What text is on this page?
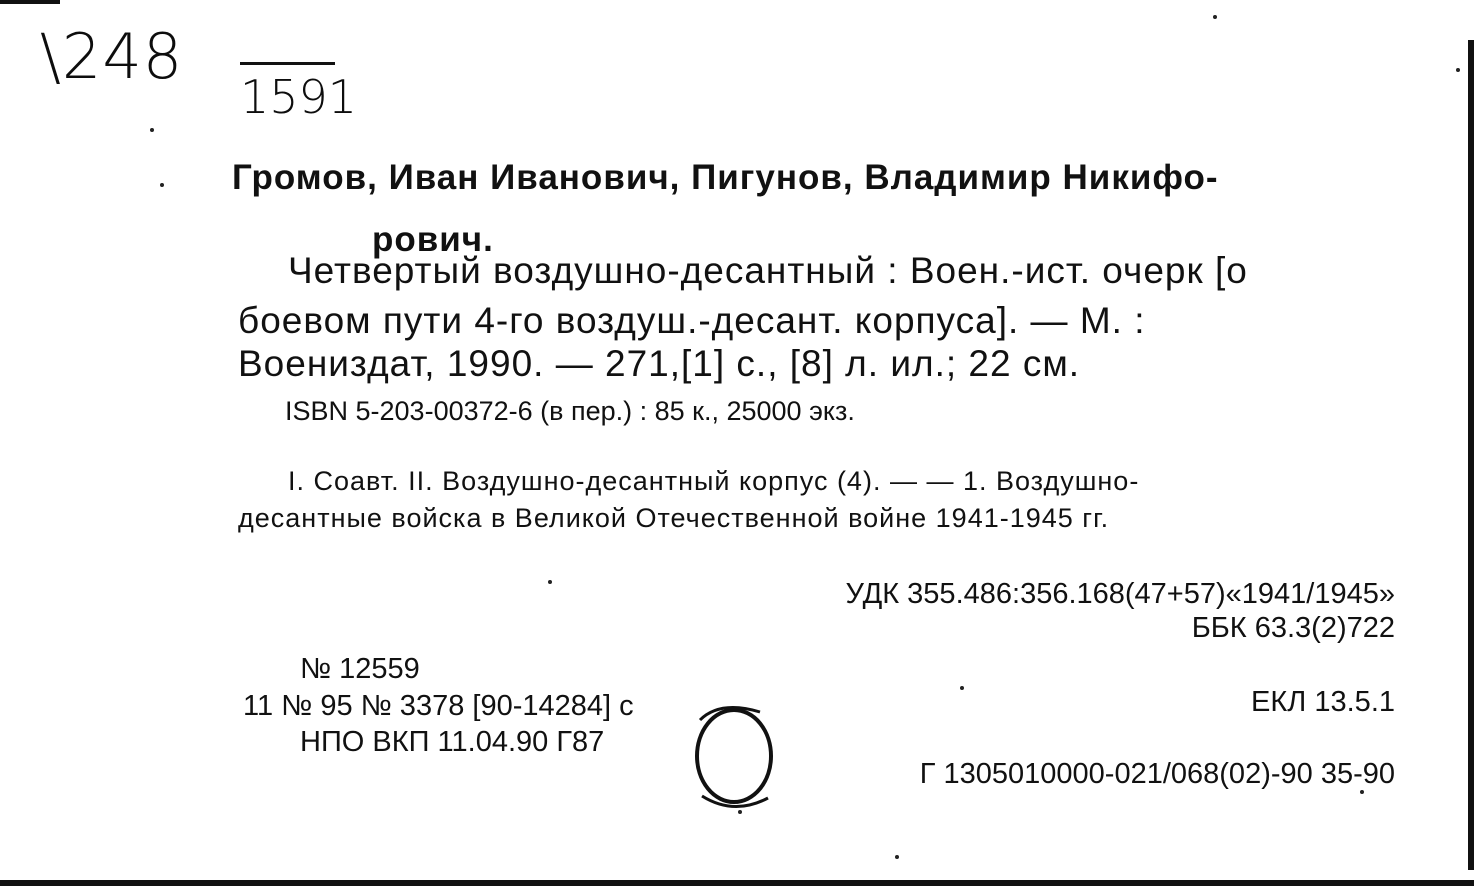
\248
1591
Громов, Иван Иванович, Пигунов, Владимир Никифо-
рович.
Четвертый воздушно-десантный : Воен.-ист. очерк [о
боевом пути 4-го воздуш.-десант. корпуса]. — М. :
Воениздат, 1990. — 271,[1] с., [8] л. ил.; 22 см.
ISBN 5-203-00372-6 (в пер.) : 85 к., 25000 экз.
I. Соавт. II. Воздушно-десантный корпус (4). — — 1. Воздушно-
десантные войска в Великой Отечественной войне 1941-1945 гг.
УДК 355.486:356.168(47+57)«1941/1945»
ББК 63.3(2)722
ЕКЛ 13.5.1
Г 1305010000-021/068(02)-90 35-90
№ 12559
11 № 95 № 3378 [90-14284] с
НПО ВКП 11.04.90 Г87
